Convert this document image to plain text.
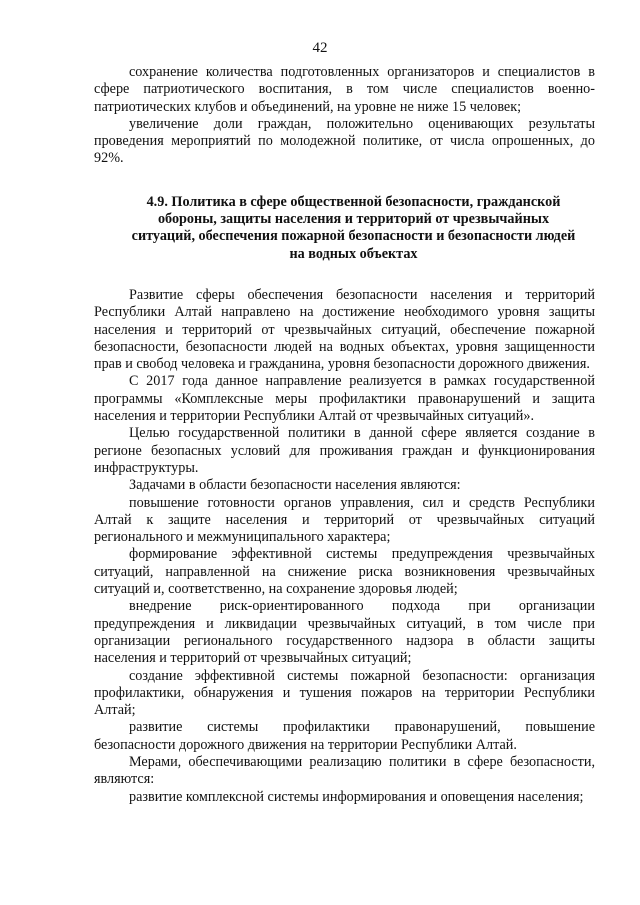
42

сохранение количества подготовленных организаторов и специалистов в сфере патриотического воспитания, в том числе специалистов военно-патриотических клубов и объединений, на уровне не ниже 15 человек;

увеличение доли граждан, положительно оценивающих результаты проведения мероприятий по молодежной политике, от числа опрошенных, до 92%.

4.9. Политика в сфере общественной безопасности, гражданской обороны, защиты населения и территорий от чрезвычайных ситуаций, обеспечения пожарной безопасности и безопасности людей на водных объектах

Развитие сферы обеспечения безопасности населения и территорий Республики Алтай направлено на достижение необходимого уровня защиты населения и территорий от чрезвычайных ситуаций, обеспечение пожарной безопасности, безопасности людей на водных объектах, уровня защищенности прав и свобод человека и гражданина, уровня безопасности дорожного движения.

С 2017 года данное направление реализуется в рамках государственной программы «Комплексные меры профилактики правонарушений и защита населения и территории Республики Алтай от чрезвычайных ситуаций».

Целью государственной политики в данной сфере является создание в регионе безопасных условий для проживания граждан и функционирования инфраструктуры.

Задачами в области безопасности населения являются:

повышение готовности органов управления, сил и средств Республики Алтай к защите населения и территорий от чрезвычайных ситуаций регионального и межмуниципального характера;

формирование эффективной системы предупреждения чрезвычайных ситуаций, направленной на снижение риска возникновения чрезвычайных ситуаций и, соответственно, на сохранение здоровья людей;

внедрение риск-ориентированного подхода при организации предупреждения и ликвидации чрезвычайных ситуаций, в том числе при организации регионального государственного надзора в области защиты населения и территорий от чрезвычайных ситуаций;

создание эффективной системы пожарной безопасности: организация профилактики, обнаружения и тушения пожаров на территории Республики Алтай;

развитие системы профилактики правонарушений, повышение безопасности дорожного движения на территории Республики Алтай.

Мерами, обеспечивающими реализацию политики в сфере безопасности, являются:

развитие комплексной системы информирования и оповещения населения;
